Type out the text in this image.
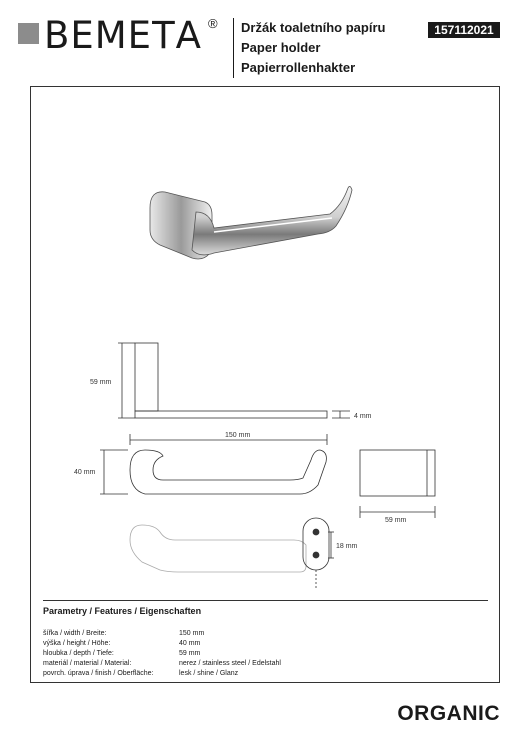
ВЕМЕТА ® Držák toaletního papíru
Paper holder
Papierrollenhakter
157112021
59 mm
4 mm
150 mm
40 mm
59 mm
18 mm
Parametry / Features / Eigenschaften
šířka / width / Breite:	150 mm
výška / height / Höhe:	40 mm
hloubka / depth / Tiefe:	59 mm
materiál / material / Material:	nerez / stainless steel / Edelstahl
povrch. úprava / finish / Oberfläche:	lesk / shine / Glanz
ORGANIC
